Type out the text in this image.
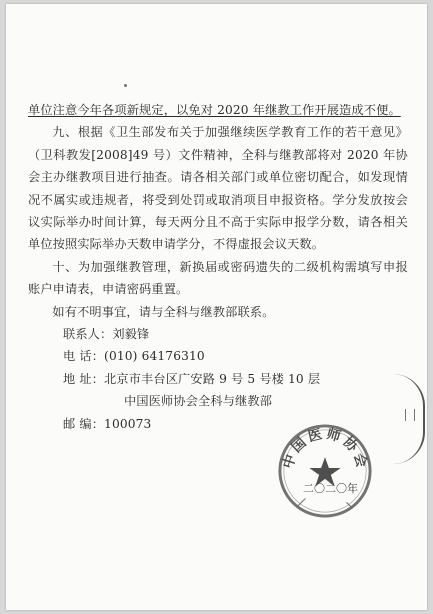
单位注意今年各项新规定，以免对 2020 年继教工作开展造成不便。

九、根据《卫生部发布关于加强继续医学教育工作的若干意见》（卫科教发[2008]49 号）文件精神，全科与继教部将对 2020 年协会主办继教项目进行抽查。请各相关部门或单位密切配合，如发现情况不属实或违规者，将受到处罚或取消项目申报资格。学分发放按会议实际举办时间计算，每天两分且不高于实际申报学分数，请各相关单位按照实际举办天数申请学分，不得虚报会议天数。

十、为加强继教管理，新换届或密码遗失的二级机构需填写申报账户申请表，申请密码重置。

如有不明事宜，请与全科与继教部联系。

联系人：刘毅锋

电 话：(010) 64176310

地 址：北京市丰台区广安路 9 号 5 号楼 10 层

中国医师协会全科与继教部

邮 编：100073

中国医师协会
二〇二〇年
